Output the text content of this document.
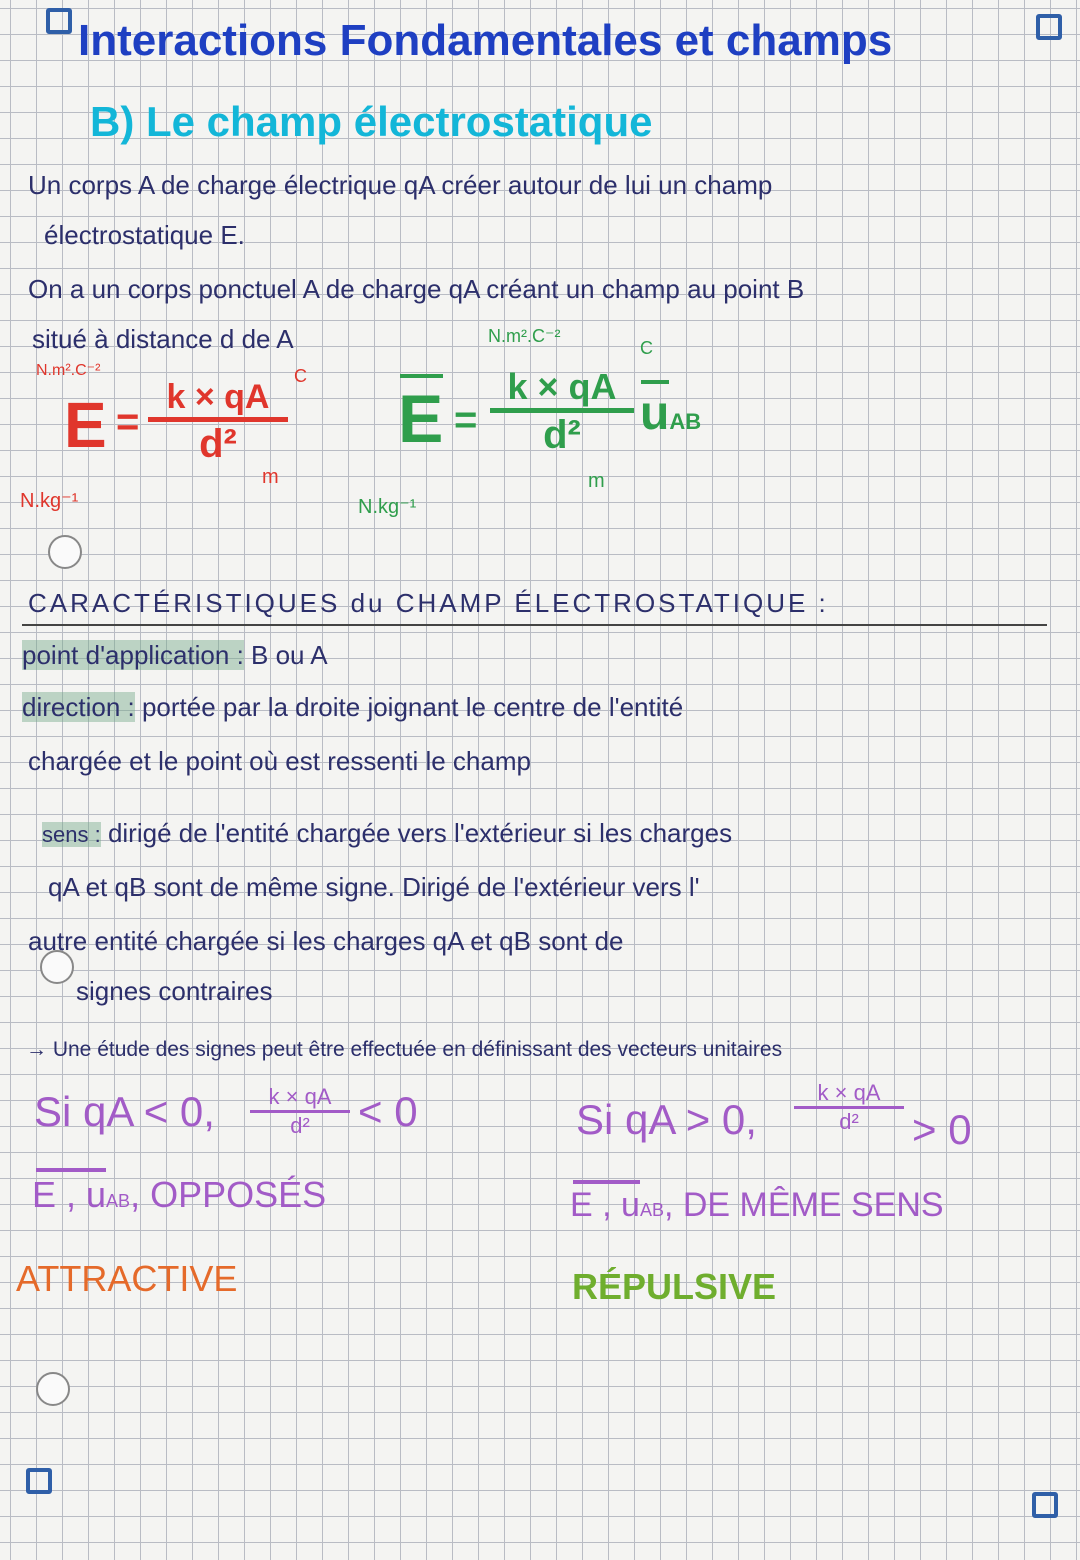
Interactions Fondamentales et champs
B) Le champ électrostatique
Un corps A de charge électrique qA créer autour de lui un champ
électrostatique E.
On a un corps ponctuel A de charge qA créant un champ au point B
situé à distance d de A
N.m².C⁻²
E =
k × qA
d²
C
m
N.kg⁻¹
N.m².C⁻²
E =
k × qA
d² uAB
C
m
N.kg⁻¹
CARACTÉRISTIQUES du CHAMP ÉLECTROSTATIQUE :
point d'application : B ou A
direction : portée par la droite joignant le centre de l'entité
chargée et le point où est ressenti le champ
sens : dirigé de l'entité chargée vers l'extérieur si les charges
qA et qB sont de même signe. Dirigé de l'extérieur vers l'
autre entité chargée si les charges qA et qB sont de
signes contraires
→ Une étude des signes peut être effectuée en définissant des vecteurs unitaires
Si qA < 0, k × qA
d² < 0
E , uAB, OPPOSÉS
ATTRACTIVE
Si qA > 0,
k × qA
d² > 0
E , uAB, DE MÊME SENS
RÉPULSIVE
